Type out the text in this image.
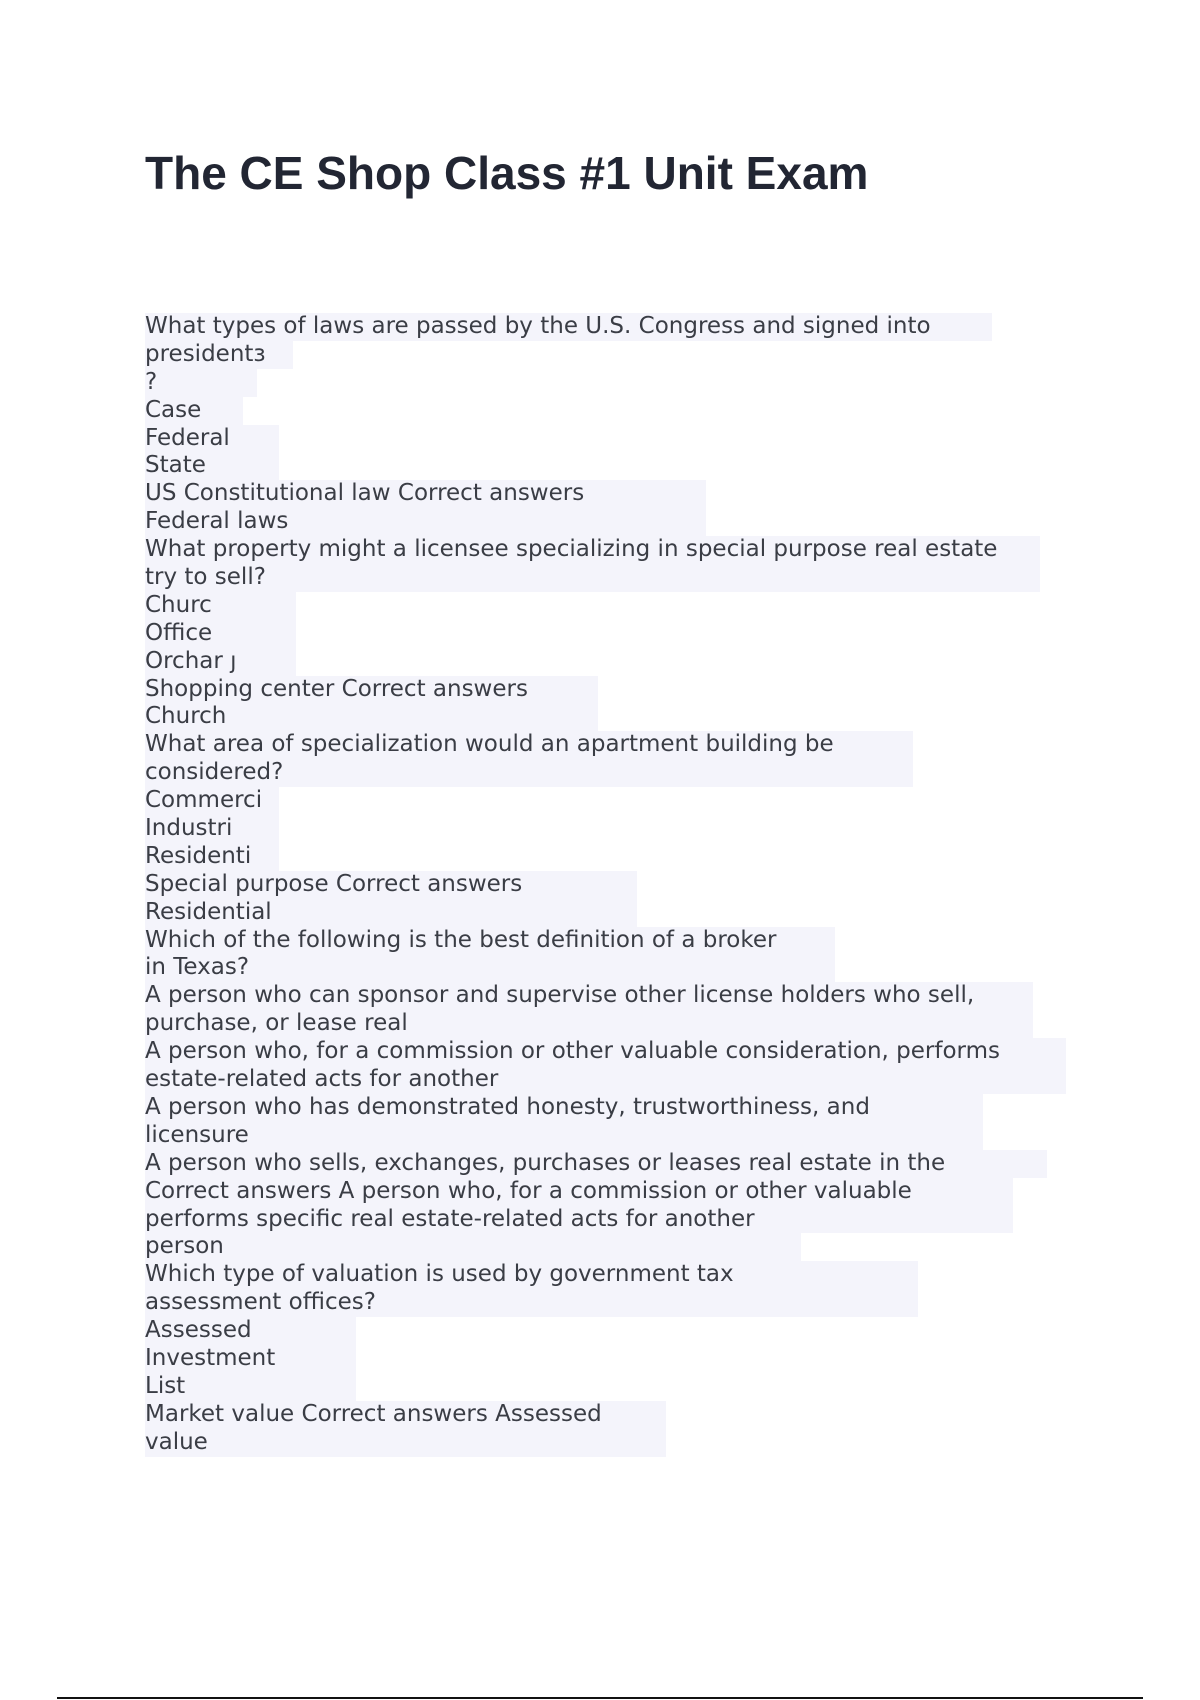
The CE Shop Class #1 Unit Exam
What types of laws are passed by the U.S. Congress and signed into
presidentз
?
Case
Federal
State
US Constitutional law Correct answers
Federal laws
What property might a licensee specializing in special purpose real estate
try to sell?
Churc
Office
Orchar ȷ
Shopping center Correct answers
Church
What area of specialization would an apartment building be
considered?
Commerci
Industri
Residenti
Special purpose Correct answers
Residential
Which of the following is the best definition of a broker
in Texas?
A person who can sponsor and supervise other license holders who sell,
purchase, or lease real
A person who, for a commission or other valuable consideration, performs
estate-related acts for another
A person who has demonstrated honesty, trustworthiness, and
licensure
A person who sells, exchanges, purchases or leases real estate in the
Correct answers A person who, for a commission or other valuable
performs specific real estate-related acts for another
person
Which type of valuation is used by government tax
assessment offices?
Assessed
Investment
List
Market value Correct answers Assessed
value
